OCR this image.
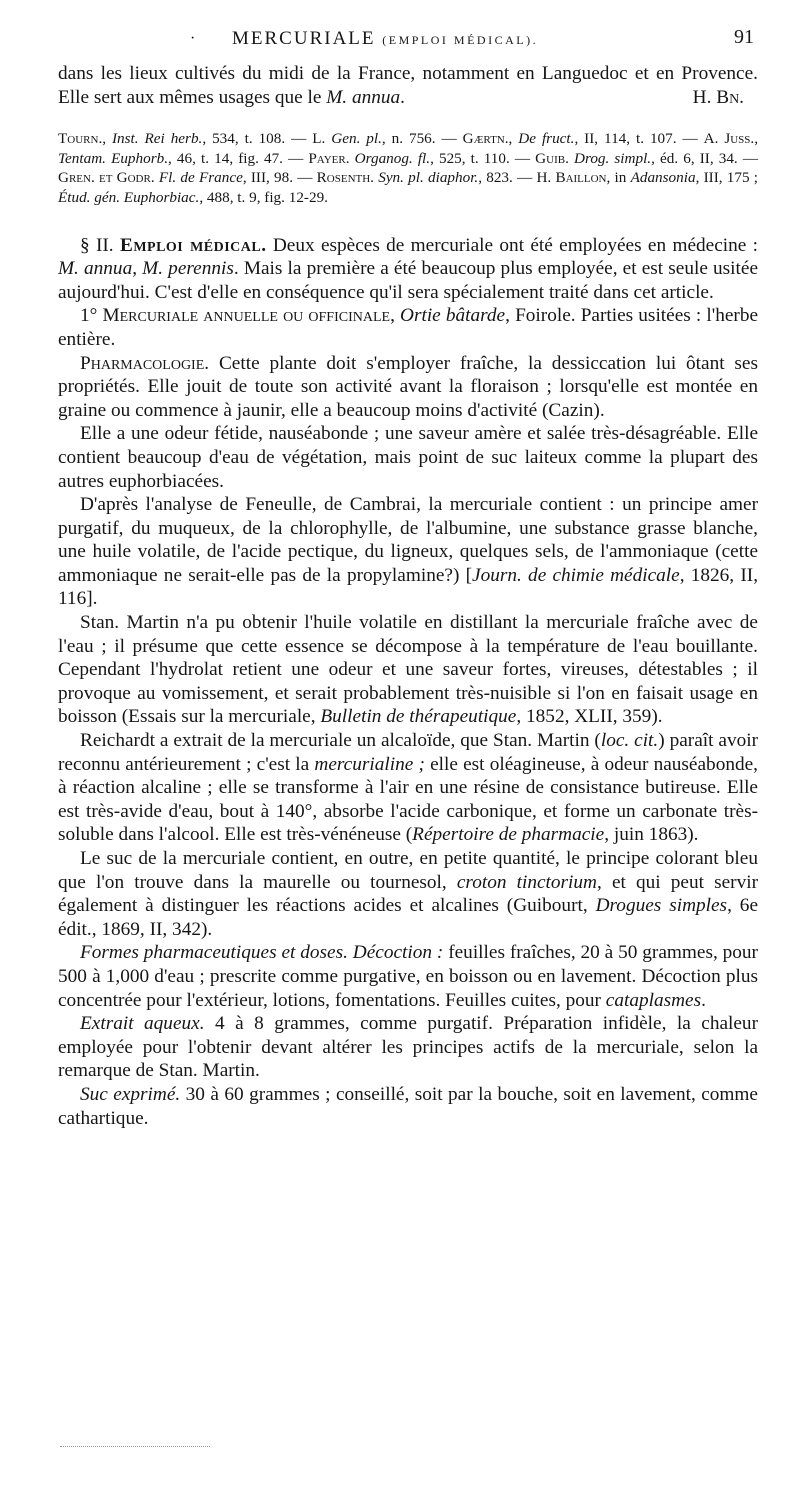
· MERCURIALE (EMPLOI MÉDICAL).	91

dans les lieux cultivés du midi de la France, notamment en Languedoc et en Provence. Elle sert aux mêmes usages que le M. annua.	H. Bn.

Tourn., Inst. Rei herb., 534, t. 108. — L. Gen. pl., n. 756. — Gærtn., De fruct., II, 114, t. 107. — A. Juss., Tentam. Euphorb., 46, t. 14, fig. 47. — Payer. Organog. fl., 525, t. 110. — Guib. Drog. simpl., éd. 6, II, 34. — Gren. et Godr. Fl. de France, III, 98. — Rosenth. Syn. pl. diaphor., 823. — H. Baillon, in Adansonia, III, 175 ; Étud. gén. Euphorbiac., 488, t. 9, fig. 12-29.

§ II. Emploi médical. Deux espèces de mercuriale ont été employées en médecine : M. annua, M. perennis. Mais la première a été beaucoup plus employée, et est seule usitée aujourd'hui. C'est d'elle en conséquence qu'il sera spécialement traité dans cet article.

1° Mercuriale annuelle ou officinale, Ortie bâtarde, Foirole. Parties usitées : l'herbe entière.

Pharmacologie. Cette plante doit s'employer fraîche, la dessiccation lui ôtant ses propriétés. Elle jouit de toute son activité avant la floraison ; lorsqu'elle est montée en graine ou commence à jaunir, elle a beaucoup moins d'activité (Cazin).

Elle a une odeur fétide, nauséabonde ; une saveur amère et salée très-désagréable. Elle contient beaucoup d'eau de végétation, mais point de suc laiteux comme la plupart des autres euphorbiacées.

D'après l'analyse de Feneulle, de Cambrai, la mercuriale contient : un principe amer purgatif, du muqueux, de la chlorophylle, de l'albumine, une substance grasse blanche, une huile volatile, de l'acide pectique, du ligneux, quelques sels, de l'ammoniaque (cette ammoniaque ne serait-elle pas de la propylamine?) [Journ. de chimie médicale, 1826, II, 116].

Stan. Martin n'a pu obtenir l'huile volatile en distillant la mercuriale fraîche avec de l'eau ; il présume que cette essence se décompose à la température de l'eau bouillante. Cependant l'hydrolat retient une odeur et une saveur fortes, vireuses, détestables ; il provoque au vomissement, et serait probablement très-nuisible si l'on en faisait usage en boisson (Essais sur la mercuriale, Bulletin de thérapeutique, 1852, XLII, 359).

Reichardt a extrait de la mercuriale un alcaloïde, que Stan. Martin (loc. cit.) paraît avoir reconnu antérieurement ; c'est la mercurialine ; elle est oléagineuse, à odeur nauséabonde, à réaction alcaline ; elle se transforme à l'air en une résine de consistance butireuse. Elle est très-avide d'eau, bout à 140°, absorbe l'acide carbonique, et forme un carbonate très-soluble dans l'alcool. Elle est très-vénéneuse (Répertoire de pharmacie, juin 1863).

Le suc de la mercuriale contient, en outre, en petite quantité, le principe colorant bleu que l'on trouve dans la maurelle ou tournesol, croton tinctorium, et qui peut servir également à distinguer les réactions acides et alcalines (Guibourt, Drogues simples, 6e édit., 1869, II, 342).

Formes pharmaceutiques et doses. Décoction : feuilles fraîches, 20 à 50 grammes, pour 500 à 1,000 d'eau ; prescrite comme purgative, en boisson ou en lavement. Décoction plus concentrée pour l'extérieur, lotions, fomentations. Feuilles cuites, pour cataplasmes.

Extrait aqueux. 4 à 8 grammes, comme purgatif. Préparation infidèle, la chaleur employée pour l'obtenir devant altérer les principes actifs de la mercuriale, selon la remarque de Stan. Martin.

Suc exprimé. 30 à 60 grammes ; conseillé, soit par la bouche, soit en lavement, comme cathartique.
